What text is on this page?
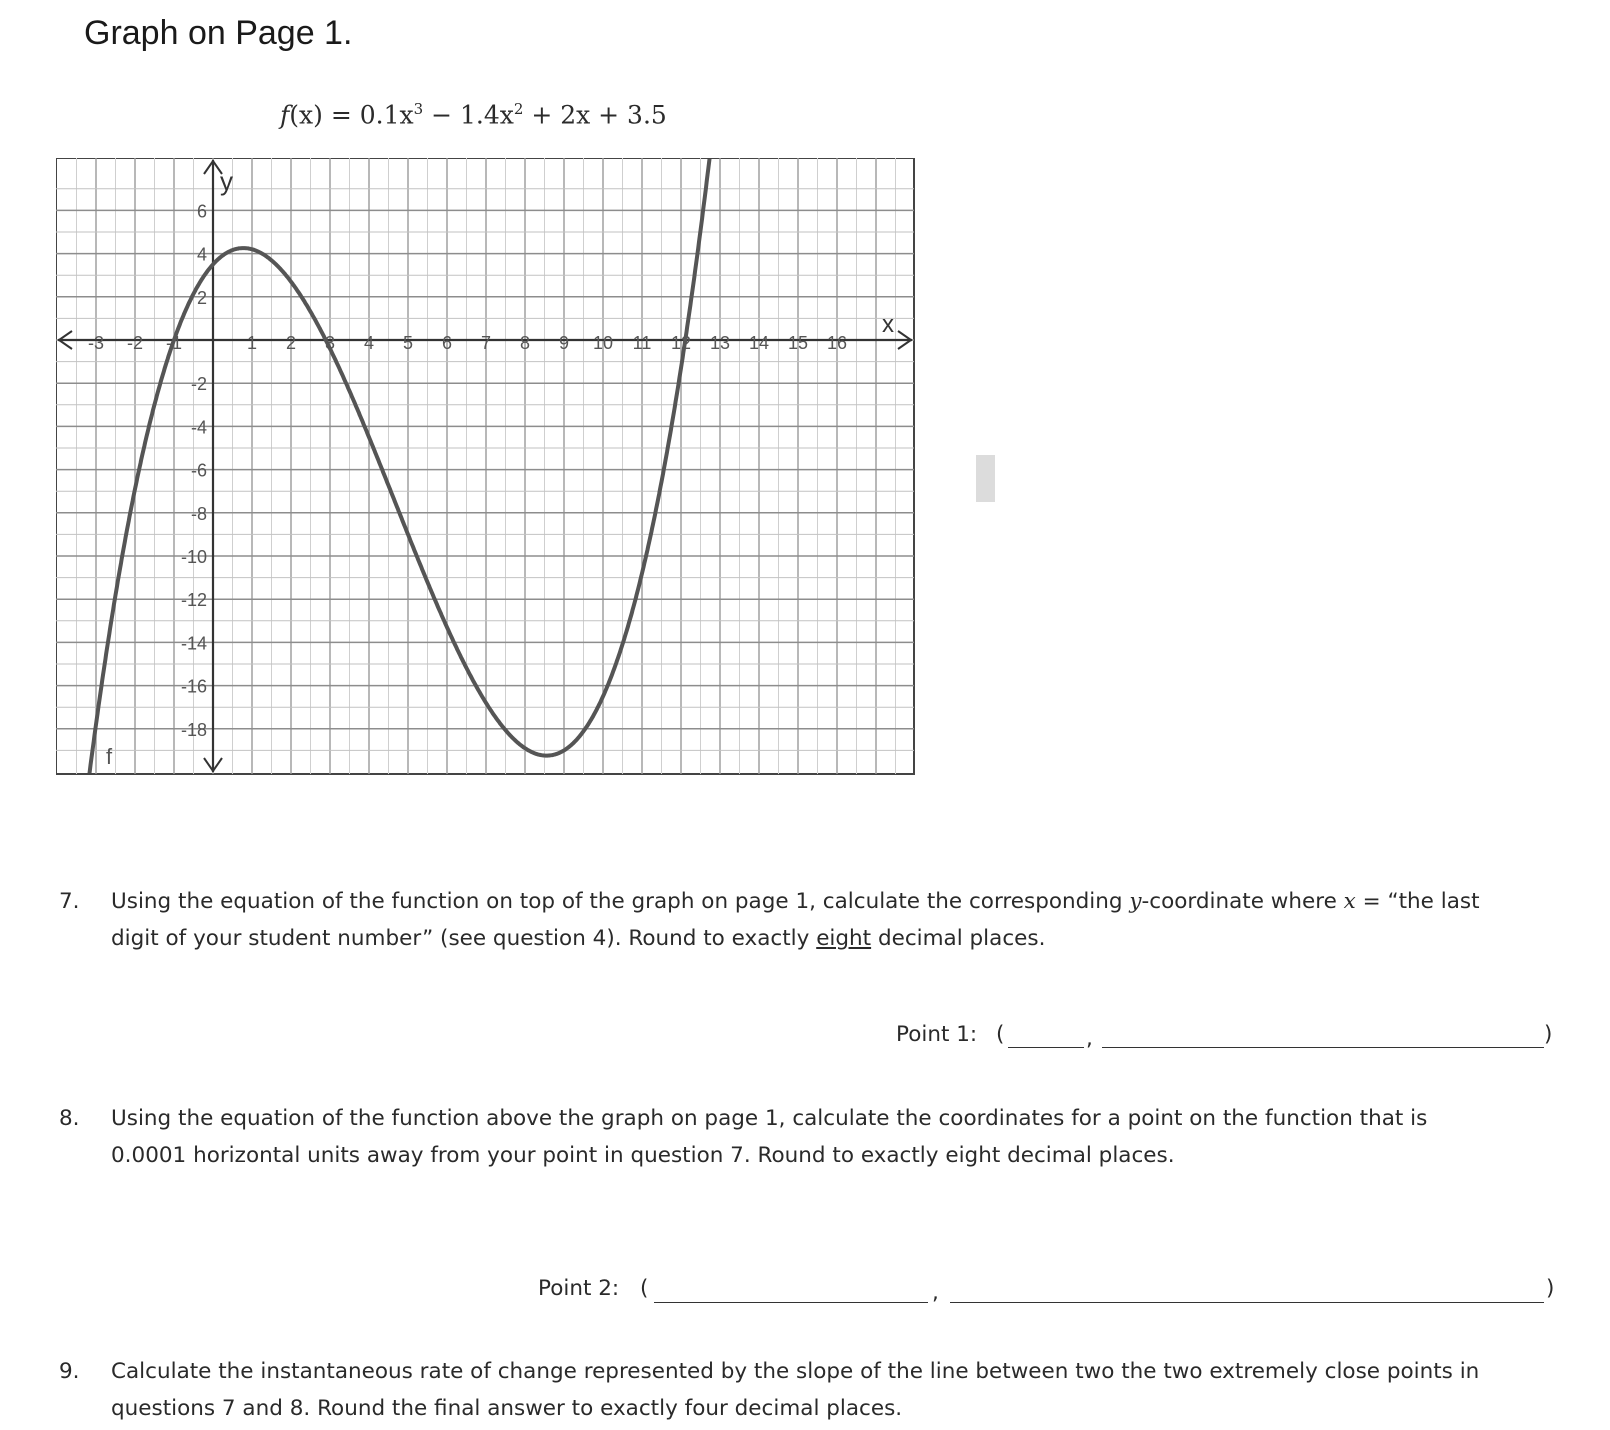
Graph on Page 1.
$f(x) = 0.1x^3 - 1.4x^2 + 2x + 3.5$
-3 -2 -1	1 2 3 4 5 6 7 8 9 10 11 12 13 14 15 16
6
4
2
-2
-4
-6
-8
-10
-12
-14
-16
-18
x
y
f
7. Using the equation of the function on top of the graph on page 1, calculate the corresponding y-coordinate where x = “the last
digit of your student number” (see question 4). Round to exactly eight decimal places.
Point 1: (	,	)
8. Using the equation of the function above the graph on page 1, calculate the coordinates for a point on the function that is
0.0001 horizontal units away from your point in question 7. Round to exactly eight decimal places.
Point 2: (	,	)
9. Calculate the instantaneous rate of change represented by the slope of the line between two the two extremely close points in
questions 7 and 8. Round the final answer to exactly four decimal places.
